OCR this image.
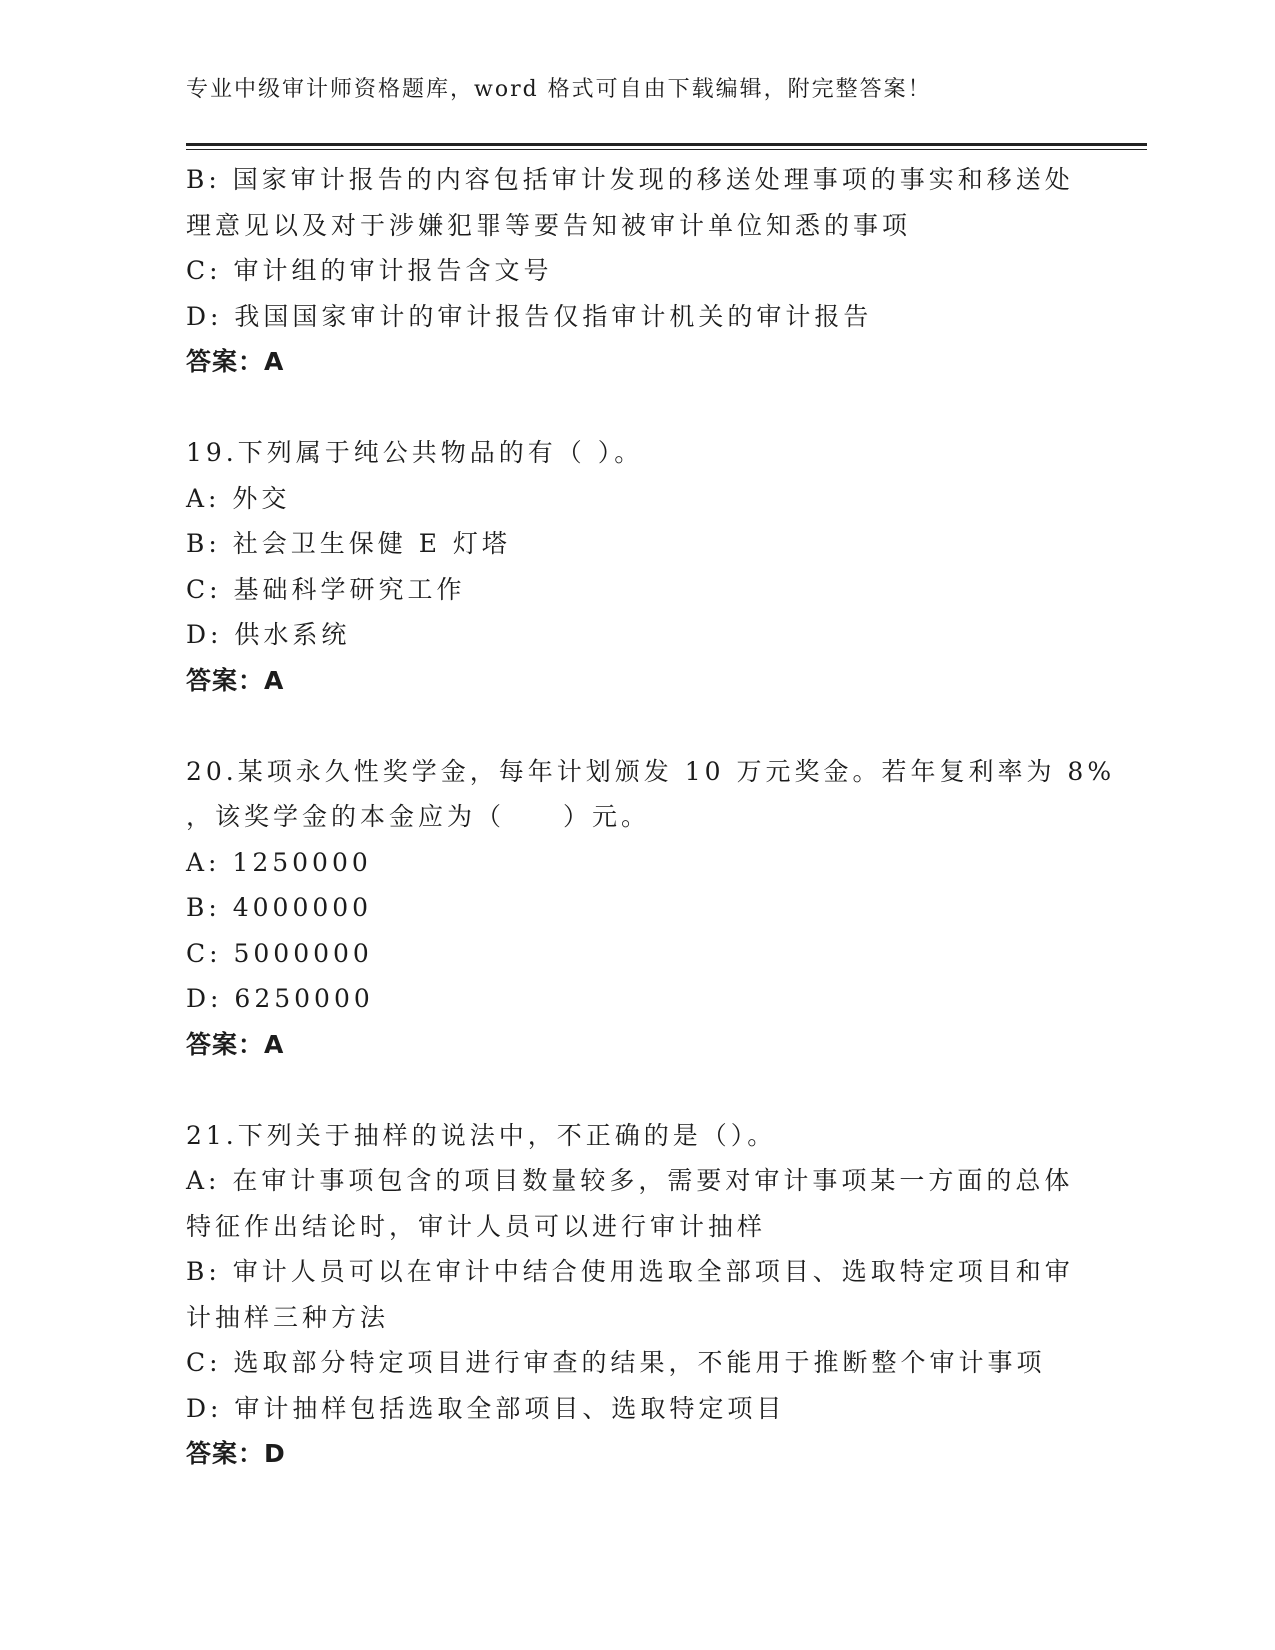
专业中级审计师资格题库，word 格式可自由下载编辑，附完整答案！
B: 国家审计报告的内容包括审计发现的移送处理事项的事实和移送处
理意见以及对于涉嫌犯罪等要告知被审计单位知悉的事项
C: 审计组的审计报告含文号
D: 我国国家审计的审计报告仅指审计机关的审计报告
答案：A
19.下列属于纯公共物品的有（ ）。
A: 外交
B: 社会卫生保健 E 灯塔
C: 基础科学研究工作
D: 供水系统
答案：A
20.某项永久性奖学金，每年计划颁发 10 万元奖金。若年复利率为 8%
，该奖学金的本金应为（　　）元。
A: 1250000
B: 4000000
C: 5000000
D: 6250000
答案：A
21.下列关于抽样的说法中，不正确的是（）。
A: 在审计事项包含的项目数量较多，需要对审计事项某一方面的总体
特征作出结论时，审计人员可以进行审计抽样
B: 审计人员可以在审计中结合使用选取全部项目、选取特定项目和审
计抽样三种方法
C: 选取部分特定项目进行审查的结果，不能用于推断整个审计事项
D: 审计抽样包括选取全部项目、选取特定项目
答案：D
